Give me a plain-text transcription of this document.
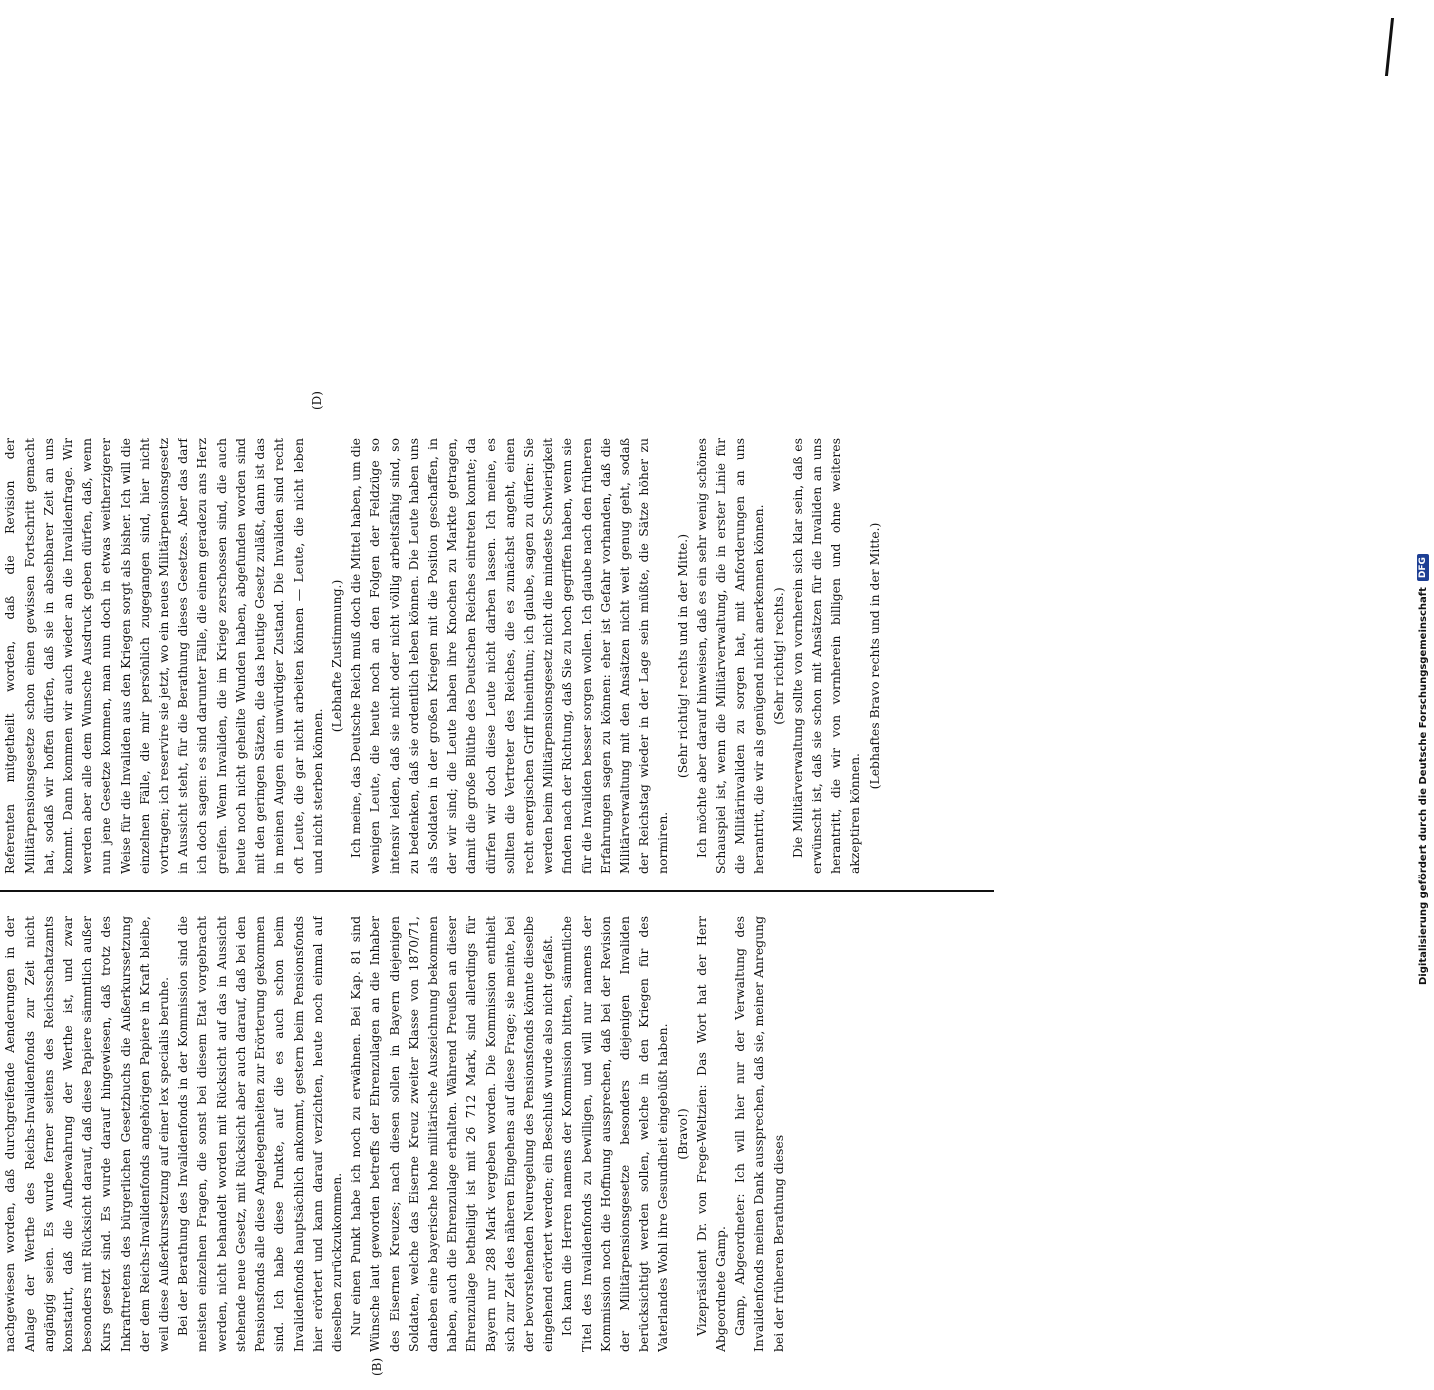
(B)
(D)

nachgewiesen worden, daß durchgreifende Aenderungen in der Anlage der Werthe des Reichs-Invalidenfonds zur Zeit nicht angängig seien. Es wurde ferner seitens des Reichsschatzamts konstatirt, daß die Aufbewahrung der Werthe ist, und zwar besonders mit Rücksicht darauf, daß diese Papiere sämmtlich außer Kurs gesetzt sind. Es wurde darauf hingewiesen, daß trotz des Inkrafttretens des bürgerlichen Gesetzbuchs die Außerkurssetzung der dem Reichs-Invalidenfonds angehörigen Papiere in Kraft bleibe, weil diese Außerkurssetzung auf einer lex specialis beruhe. Bei der Berathung des Invalidenfonds in der Kommission sind die meisten einzelnen Fragen, die sonst bei diesem Etat vorgebracht werden, nicht behandelt worden mit Rücksicht auf das in Aussicht stehende neue Gesetz, mit Rücksicht aber auch darauf, daß bei den Pensionsfonds alle diese Angelegenheiten zur Erörterung gekommen sind. Ich habe diese Punkte, auf die es auch schon beim Invalidenfonds hauptsächlich ankommt, gestern beim Pensionsfonds hier erörtert und kann darauf verzichten, heute noch einmal auf dieselben zurückzukommen. Nur einen Punkt habe ich noch zu erwähnen. Bei Kap. 81 sind Wünsche laut geworden betreffs der Ehrenzulagen an die Inhaber des Eisernen Kreuzes; nach diesen sollen in Bayern diejenigen Soldaten, welche das Eiserne Kreuz zweiter Klasse von 1870/71, daneben eine bayerische hohe militärische Auszeichnung bekommen haben, auch die Ehrenzulage erhalten. Während Preußen an dieser Ehrenzulage betheiligt ist mit 26 712 Mark, sind allerdings für Bayern nur 288 Mark vergeben worden. Die Kommission enthielt sich zur Zeit des näheren Eingehens auf diese Frage; sie meinte, bei der bevorstehenden Neuregelung des Pensionsfonds könnte dieselbe eingehend erörtert werden; ein Beschluß wurde also nicht gefaßt. Ich kann die Herren namens der Kommission bitten, sämmtliche Titel des Invalidenfonds zu bewilligen, und will nur namens der Kommission noch die Hoffnung aussprechen, daß bei der Revision der Militärpensionsgesetze besonders diejenigen Invaliden berücksichtigt werden sollen, welche in den Kriegen für des Vaterlandes Wohl ihre Gesundheit eingebüßt haben. (Bravo!) Vizepräsident Dr. von Frege-Weltzien: Das Wort hat der Herr Abgeordnete Gamp. Gamp, Abgeordneter: Ich will hier nur der Verwaltung des Invalidenfonds meinen Dank aussprechen, daß sie, meiner Anregung bei der früheren Berathung dieses

Referenten mitgetheilt worden, daß die Revision der Militärpensionsgesetze schon einen gewissen Fortschritt gemacht hat, sodaß wir hoffen dürfen, daß sie in absehbarer Zeit an uns kommt. Dann kommen wir auch wieder an die Invalidenfrage. Wir werden aber alle dem Wunsche Ausdruck geben dürfen, daß, wenn nun jene Gesetze kommen, man nun doch in etwas weitherzigerer Weise für die Invaliden aus den Kriegen sorgt als bisher. Ich will die einzelnen Fälle, die mir persönlich zugegangen sind, hier nicht vortragen; ich reservire sie jetzt, wo ein neues Militärpensionsgesetz in Aussicht steht, für die Berathung dieses Gesetzes. Aber das darf ich doch sagen: es sind darunter Fälle, die einem geradezu ans Herz greifen. Wenn Invaliden, die im Kriege zerschossen sind, die auch heute noch nicht geheilte Wunden haben, abgefunden worden sind mit den geringen Sätzen, die das heutige Gesetz zuläßt, dann ist das in meinen Augen ein unwürdiger Zustand. Die Invaliden sind recht oft Leute, die gar nicht arbeiten können — Leute, die nicht leben und nicht sterben können.

(Lebhafte Zustimmung.) Ich meine, das Deutsche Reich muß doch die Mittel haben, um die wenigen Leute, die heute noch an den Folgen der Feldzüge so intensiv leiden, daß sie nicht oder nicht völlig arbeitsfähig sind, so zu bedenken, daß sie ordentlich leben können. Die Leute haben uns als Soldaten in der großen Kriegen mit die Position geschaffen, in der wir sind; die Leute haben ihre Knochen zu Markte getragen, damit die große Blüthe des Deutschen Reiches eintreten konnte; da dürfen wir doch diese Leute nicht darben lassen. Ich meine, es sollten die Vertreter des Reiches, die es zunächst angeht, einen recht energischen Griff hineinthun; ich glaube, sagen zu dürfen: Sie werden beim Militärpensionsgesetz nicht die mindeste Schwierigkeit finden nach der Richtung, daß Sie zu hoch gegriffen haben, wenn sie für die Invaliden besser sorgen wollen. Ich glaube nach den früheren Erfahrungen sagen zu können: eher ist Gefahr vorhanden, daß die Militärverwaltung mit den Ansätzen nicht weit genug geht, sodaß der Reichstag wieder in der Lage sein müßte, die Sätze höher zu normiren.

(Sehr richtig! rechts und in der Mitte.) Ich möchte aber darauf hinweisen, daß es ein sehr wenig schönes Schauspiel ist, wenn die Militärverwaltung, die in erster Linie für die Militärinvaliden zu sorgen hat, mit Anforderungen an uns herantritt, die wir als genügend nicht anerkennen können. (Sehr richtig! rechts.) Die Militärverwaltung sollte von vornherein sich klar sein, daß es erwünscht ist, daß sie schon mit Ansätzen für die Invaliden an uns herantritt, die wir von vornherein billigen und ohne weiteres akzeptiren können.

(Lebhaftes Bravo rechts und in der Mitte.)	Digitalisierung gefördert durch die Deutsche Forschungsgemeinschaft
DFG
